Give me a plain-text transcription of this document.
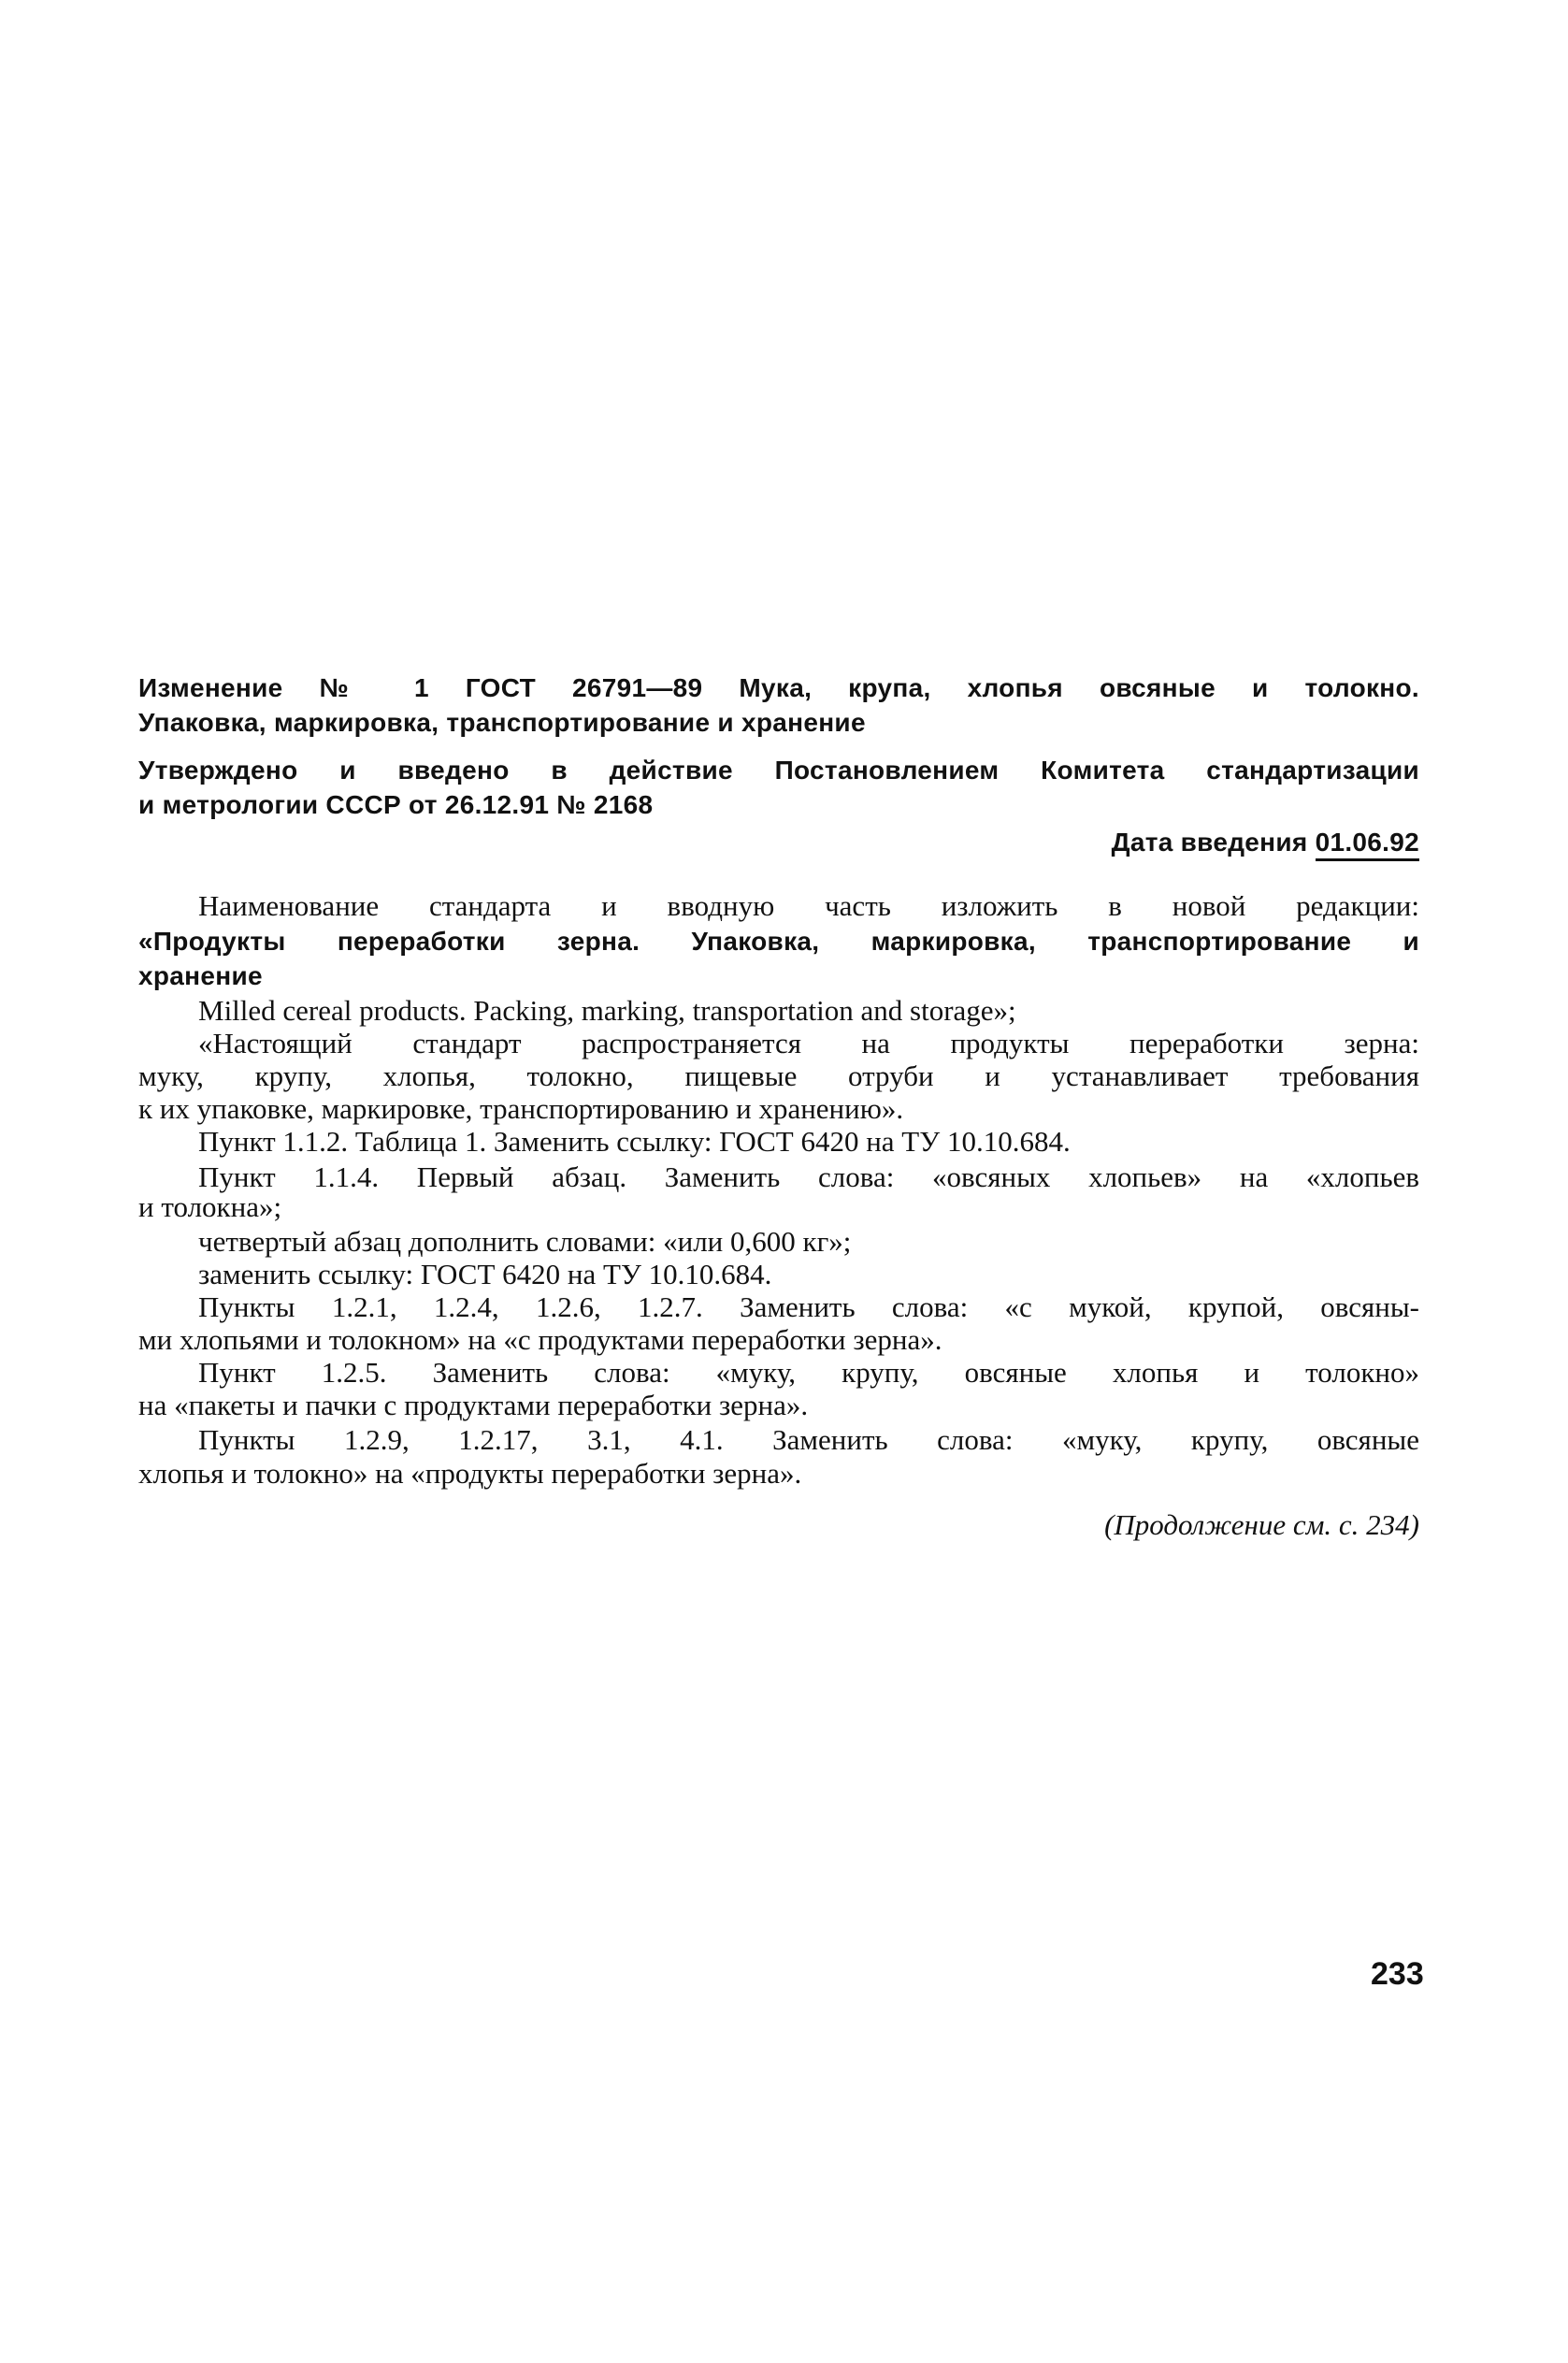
Изменение № 1 ГОСТ 26791—89 Мука, крупа, хлопья овсяные и толокно.
Упаковка, маркировка, транспортирование и хранение
Утверждено и введено в действие Постановлением Комитета стандартизации
и метрологии СССР от 26.12.91 № 2168
Дата введения 01.06.92
Наименование стандарта и вводную часть изложить в новой редакции:
«Продукты переработки зерна. Упаковка, маркировка, транспортирование и
хранение
Milled cereal products. Packing, marking, transportation and storage»;
«Настоящий стандарт распространяется на продукты переработки зерна:
муку, крупу, хлопья, толокно, пищевые отруби и устанавливает требования
к их упаковке, маркировке, транспортированию и хранению».
Пункт 1.1.2. Таблица 1. Заменить ссылку: ГОСТ 6420 на ТУ 10.10.684.
Пункт 1.1.4. Первый абзац. Заменить слова: «овсяных хлопьев» на «хлопьев
и толокна»;
четвертый абзац дополнить словами: «или 0,600 кг»;
заменить ссылку: ГОСТ 6420 на ТУ 10.10.684.
Пункты 1.2.1, 1.2.4, 1.2.6, 1.2.7. Заменить слова: «с мукой, крупой, овсяны-
ми хлопьями и толокном» на «с продуктами переработки зерна».
Пункт 1.2.5. Заменить слова: «муку, крупу, овсяные хлопья и толокно»
на «пакеты и пачки с продуктами переработки зерна».
Пункты 1.2.9, 1.2.17, 3.1, 4.1. Заменить слова: «муку, крупу, овсяные
хлопья и толокно» на «продукты переработки зерна».
(Продолжение см. с. 234)
233
